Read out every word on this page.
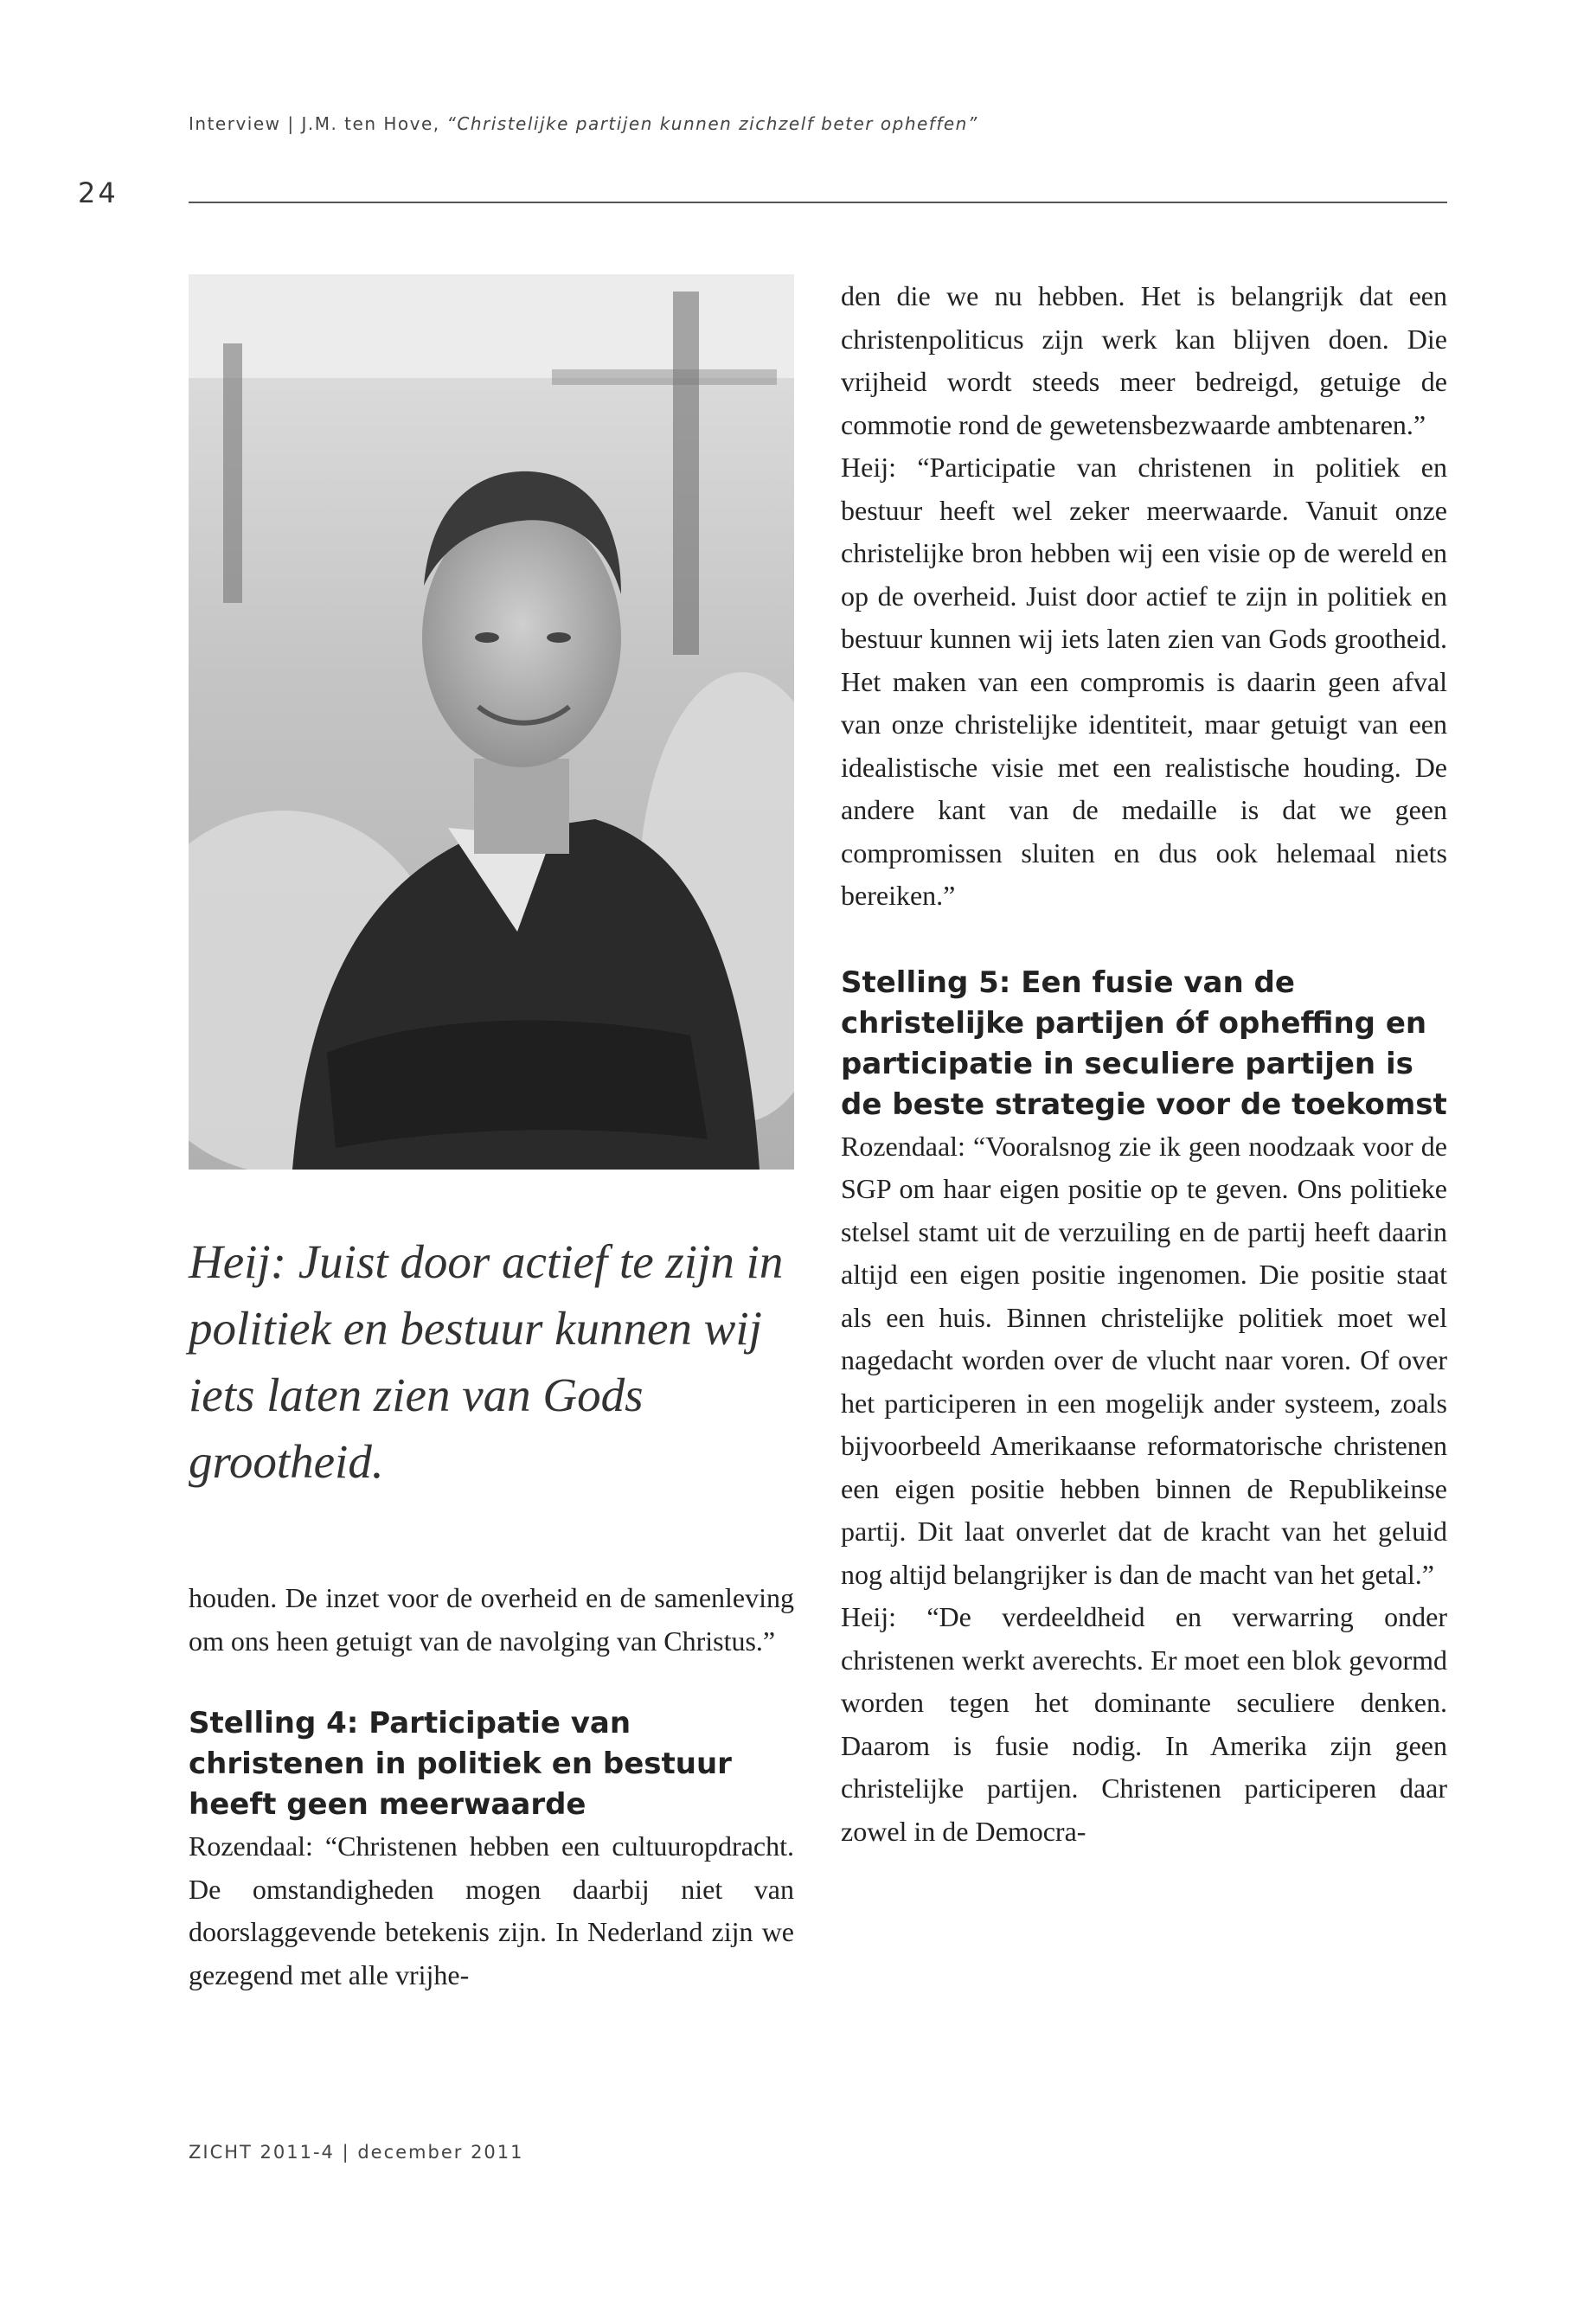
Interview | J.M. ten Hove, “Christelijke partijen kunnen zichzelf beter opheffen”
24
Heij: Juist door actief te zijn in politiek en bestuur kunnen wij iets laten zien van Gods grootheid.

houden. De inzet voor de overheid en de samenleving om ons heen getuigt van de navolging van Christus.”

Stelling 4: Participatie van christenen in politiek en bestuur heeft geen meerwaarde

Rozendaal: “Christenen hebben een cultuuropdracht. De omstandigheden mogen daarbij niet van doorslaggevende betekenis zijn. In Nederland zijn we gezegend met alle vrijhe-

den die we nu hebben. Het is belangrijk dat een christenpoliticus zijn werk kan blijven doen. Die vrijheid wordt steeds meer bedreigd, getuige de commotie rond de gewetensbezwaarde ambtenaren.”

Heij: “Participatie van christenen in politiek en bestuur heeft wel zeker meerwaarde. Vanuit onze christelijke bron hebben wij een visie op de wereld en op de overheid. Juist door actief te zijn in politiek en bestuur kunnen wij iets laten zien van Gods grootheid. Het maken van een compromis is daarin geen afval van onze christelijke identiteit, maar getuigt van een idealistische visie met een realistische houding. De andere kant van de medaille is dat we geen compromissen sluiten en dus ook helemaal niets bereiken.”

Stelling 5: Een fusie van de christelijke partijen óf opheffing en participatie in seculiere partijen is de beste strategie voor de toekomst

Rozendaal: “Vooralsnog zie ik geen noodzaak voor de SGP om haar eigen positie op te geven. Ons politieke stelsel stamt uit de verzuiling en de partij heeft daarin altijd een eigen positie ingenomen. Die positie staat als een huis. Binnen christelijke politiek moet wel nagedacht worden over de vlucht naar voren. Of over het participeren in een mogelijk ander systeem, zoals bijvoorbeeld Amerikaanse reformatorische christenen een eigen positie hebben binnen de Republikeinse partij. Dit laat onverlet dat de kracht van het geluid nog altijd belangrijker is dan de macht van het getal.”

Heij: “De verdeeldheid en verwarring onder christenen werkt averechts. Er moet een blok gevormd worden tegen het dominante seculiere denken. Daarom is fusie nodig. In Amerika zijn geen christelijke partijen. Christenen participeren daar zowel in de Democra-

ZICHT 2011-4 | december 2011
